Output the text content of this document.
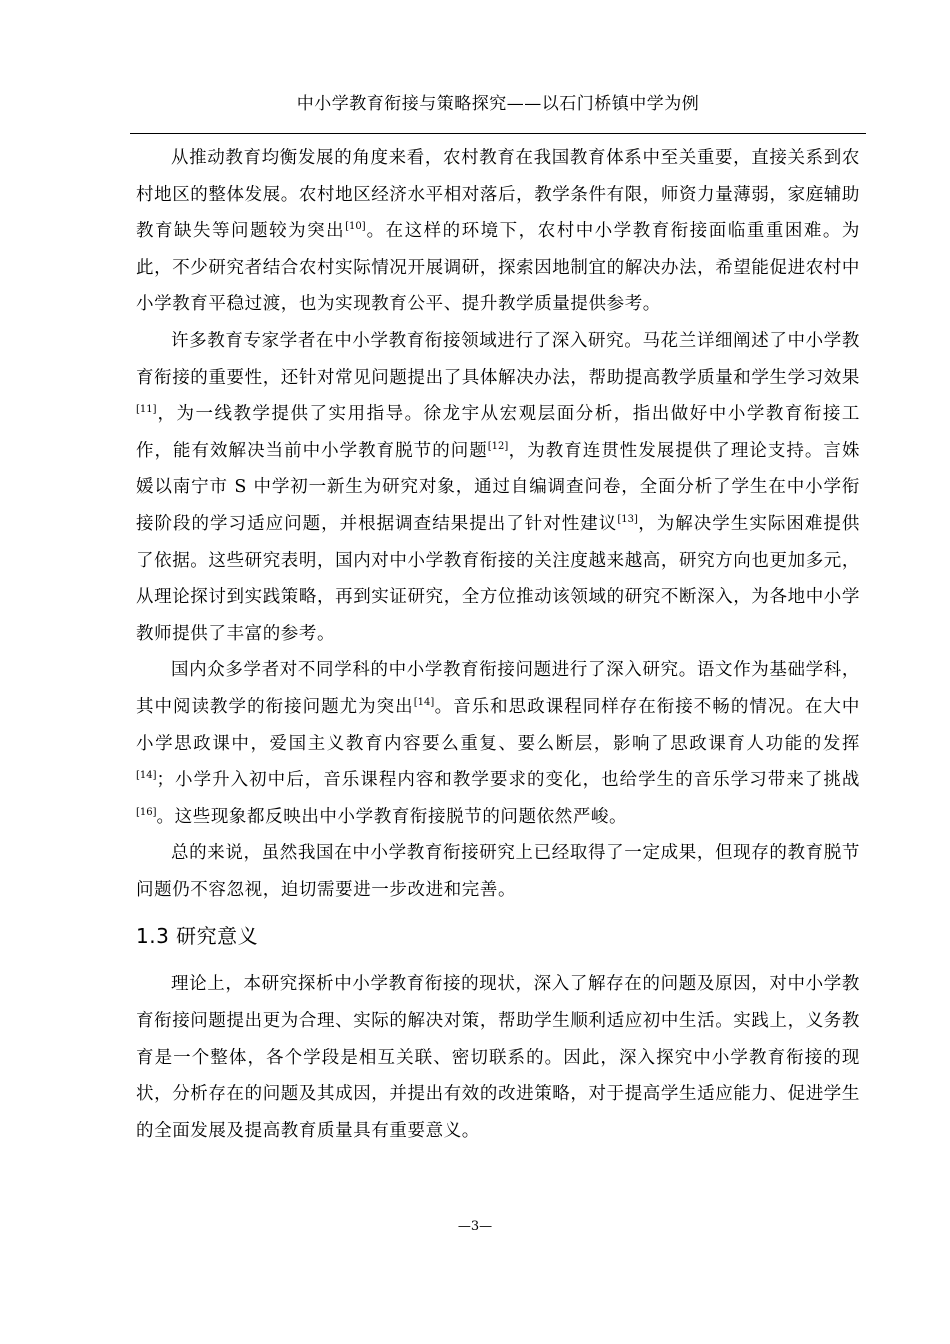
中小学教育衔接与策略探究——以石门桥镇中学为例

从推动教育均衡发展的角度来看，农村教育在我国教育体系中至关重要，直接关系到农村地区的整体发展。农村地区经济水平相对落后，教学条件有限，师资力量薄弱，家庭辅助教育缺失等问题较为突出[10]。在这样的环境下，农村中小学教育衔接面临重重困难。为此，不少研究者结合农村实际情况开展调研，探索因地制宜的解决办法，希望能促进农村中小学教育平稳过渡，也为实现教育公平、提升教学质量提供参考。

许多教育专家学者在中小学教育衔接领域进行了深入研究。马花兰详细阐述了中小学教育衔接的重要性，还针对常见问题提出了具体解决办法，帮助提高教学质量和学生学习效果[11]，为一线教学提供了实用指导。徐龙宇从宏观层面分析，指出做好中小学教育衔接工作，能有效解决当前中小学教育脱节的问题[12]，为教育连贯性发展提供了理论支持。言姝媛以南宁市 S 中学初一新生为研究对象，通过自编调查问卷，全面分析了学生在中小学衔接阶段的学习适应问题，并根据调查结果提出了针对性建议[13]，为解决学生实际困难提供了依据。这些研究表明，国内对中小学教育衔接的关注度越来越高，研究方向也更加多元，从理论探讨到实践策略，再到实证研究，全方位推动该领域的研究不断深入，为各地中小学教师提供了丰富的参考。

国内众多学者对不同学科的中小学教育衔接问题进行了深入研究。语文作为基础学科，其中阅读教学的衔接问题尤为突出[14]。音乐和思政课程同样存在衔接不畅的情况。在大中小学思政课中，爱国主义教育内容要么重复、要么断层，影响了思政课育人功能的发挥[14]；小学升入初中后，音乐课程内容和教学要求的变化，也给学生的音乐学习带来了挑战[16]。这些现象都反映出中小学教育衔接脱节的问题依然严峻。

总的来说，虽然我国在中小学教育衔接研究上已经取得了一定成果，但现存的教育脱节问题仍不容忽视，迫切需要进一步改进和完善。

1.3 研究意义

理论上，本研究探析中小学教育衔接的现状，深入了解存在的问题及原因，对中小学教育衔接问题提出更为合理、实际的解决对策，帮助学生顺利适应初中生活。实践上，义务教育是一个整体，各个学段是相互关联、密切联系的。因此，深入探究中小学教育衔接的现状，分析存在的问题及其成因，并提出有效的改进策略，对于提高学生适应能力、促进学生的全面发展及提高教育质量具有重要意义。

—3—
